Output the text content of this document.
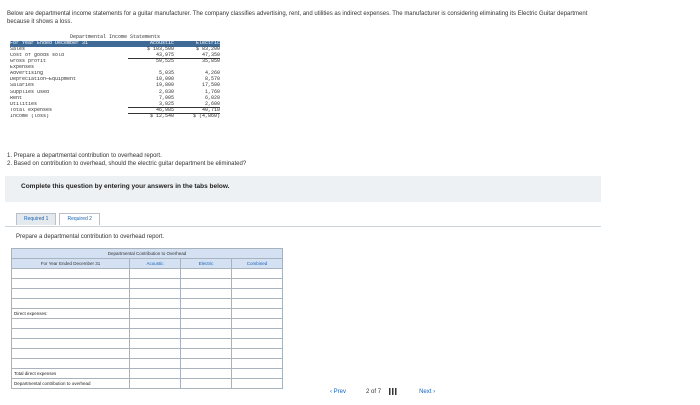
Below are departmental income statements for a guitar manufacturer. The company classifies advertising, rent, and utilities as indirect expenses. The manufacturer is considering eliminating its Electric Guitar department because it shows a loss.
Departmental Income Statements
For Year Ended December 31	Acoustic	Electric
Sales	$ 103,500	$ 83,200
Cost of goods sold	43,975	47,350
Gross profit	59,525	35,850
Expenses
Advertising	5,035	4,260
Depreciation—Equipment	10,090	8,570
Salaries	19,800	17,500
Supplies used	2,030	1,760
Rent	7,005	6,020
Utilities	3,025	2,600
Total expenses	46,985	40,710
Income (loss)	$ 12,540	$ (4,860)
1. Prepare a departmental contribution to overhead report.
2. Based on contribution to overhead, should the electric guitar department be eliminated?
Complete this question by entering your answers in the tabs below.
Required 1	Required 2
Prepare a departmental contribution to overhead report.
Departmental Contribution to Overhead			
For Year Ended December 31	Acoustic	Electric	Combined

Direct expenses:			

Total direct expenses			
Departmental contribution to overhead			
‹ Prev	2 of 7	Next ›
